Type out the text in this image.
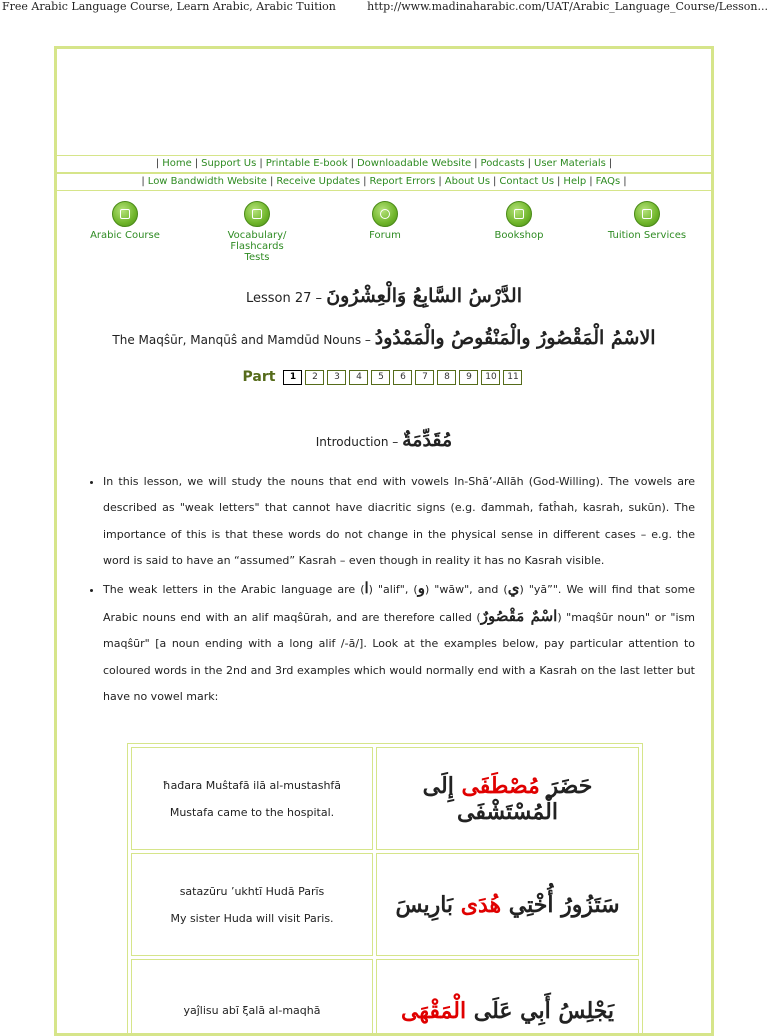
Free Arabic Language Course, Learn Arabic, Arabic Tuition	http://www.madinaharabic.com/UAT/Arabic_Language_Course/Lesson...
| Home | Support Us | Printable E-book | Downloadable Website | Podcasts | User Materials |
| Low Bandwidth Website | Receive Updates | Report Errors | About Us | Contact Us | Help | FAQs |
Arabic Course	Vocabulary/ Flashcards Tests
Forum	Bookshop	Tuition Services
Lesson 27 – الدَّرْسُ السَّابِعُ وَالْعِشْرُونَ
The Maqŝūr, Manqūŝ and Mamdūd Nouns – الاسْمُ الْمَقْصُورُ والْمَنْقُوصُ والْمَمْدُودُ
Part 1 2 3 4 5 6 7 8 9 10 11
Introduction – مُقَدِّمَةٌ
• In this lesson, we will study the nouns that end with vowels In-Shā’-Allāh (God-Willing). The vowels are described as "weak letters" that cannot have diacritic signs (e.g. đammah, fatĥah, kasrah, sukūn). The importance of this is that these words do not change in the physical sense in different cases – e.g. the word is said to have an “assumed” Kasrah – even though in reality it has no Kasrah visible.
• The weak letters in the Arabic language are (ا) "alif", (و) "wāw", and (ي) "yā”". We will find that some Arabic nouns end with an alif maqŝūrah, and are therefore called (اسْمٌ مَقْصُورٌ) "maqŝūr noun" or "ism maqŝūr" [a noun ending with a long alif /-ā/]. Look at the examples below, pay particular attention to coloured words in the 2nd and 3rd examples which would normally end with a Kasrah on the last letter but have no vowel mark:

ħađara Muŝtafā ilā al-mustashfā

Mustafa came to the hospital.	حَضَرَ مُصْطَفَى إِلَى الْمُسْتَشْفَى

satazūru ’ukhtī Hudā Parīs

My sister Huda will visit Paris.	سَتَزُورُ أُخْتِي هُدَى بَارِيسَ

yaĵlisu abī ξalā al-maqhā	يَجْلِسُ أَبِي عَلَى الْمَقْهَى
